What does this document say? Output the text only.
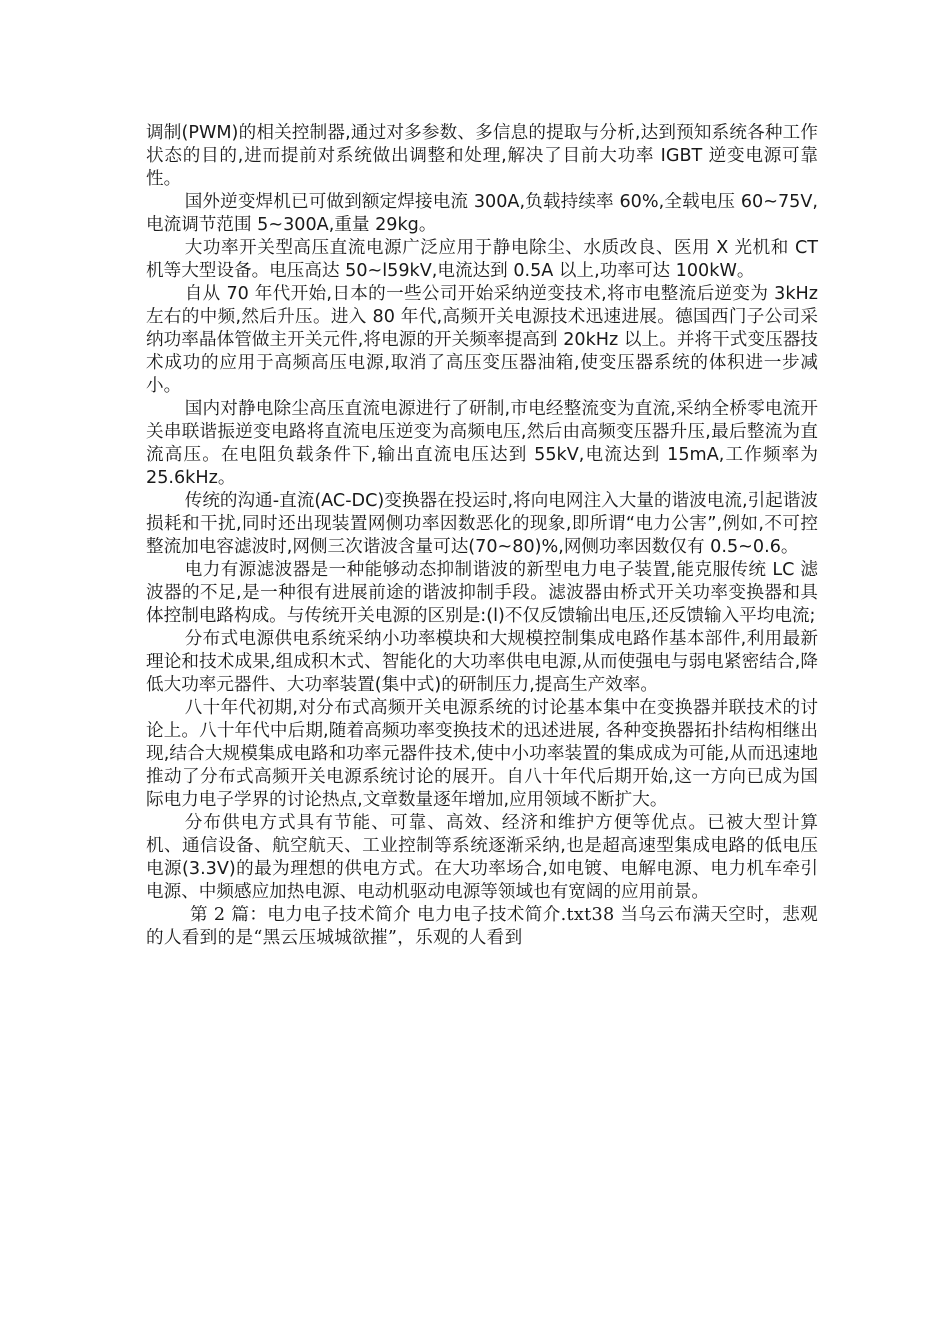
调制(PWM)的相关控制器,通过对多参数、多信息的提取与分析,达到预知系统各种工作状态的目的,进而提前对系统做出调整和处理,解决了目前大功率 IGBT 逆变电源可靠性。

国外逆变焊机已可做到额定焊接电流 300A,负载持续率 60%,全载电压 60~75V,电流调节范围 5~300A,重量 29kg。

大功率开关型高压直流电源广泛应用于静电除尘、水质改良、医用 X 光机和 CT 机等大型设备。电压高达 50~l59kV,电流达到 0.5A 以上,功率可达 100kW。

自从 70 年代开始,日本的一些公司开始采纳逆变技术,将市电整流后逆变为 3kHz 左右的中频,然后升压。进入 80 年代,高频开关电源技术迅速进展。德国西门子公司采纳功率晶体管做主开关元件,将电源的开关频率提高到 20kHz 以上。并将干式变压器技术成功的应用于高频高压电源,取消了高压变压器油箱,使变压器系统的体积进一步减小。

国内对静电除尘高压直流电源进行了研制,市电经整流变为直流,采纳全桥零电流开关串联谐振逆变电路将直流电压逆变为高频电压,然后由高频变压器升压,最后整流为直流高压。在电阻负载条件下,输出直流电压达到 55kV,电流达到 15mA,工作频率为 25.6kHz。

传统的沟通-直流(AC-DC)变换器在投运时,将向电网注入大量的谐波电流,引起谐波损耗和干扰,同时还出现装置网侧功率因数恶化的现象,即所谓“电力公害”,例如,不可控整流加电容滤波时,网侧三次谐波含量可达(70~80)%,网侧功率因数仅有 0.5~0.6。

电力有源滤波器是一种能够动态抑制谐波的新型电力电子装置,能克服传统 LC 滤波器的不足,是一种很有进展前途的谐波抑制手段。滤波器由桥式开关功率变换器和具体控制电路构成。与传统开关电源的区别是:(l)不仅反馈输出电压,还反馈输入平均电流;

分布式电源供电系统采纳小功率模块和大规模控制集成电路作基本部件,利用最新理论和技术成果,组成积木式、智能化的大功率供电电源,从而使强电与弱电紧密结合,降低大功率元器件、大功率装置(集中式)的研制压力,提高生产效率。

八十年代初期,对分布式高频开关电源系统的讨论基本集中在变换器并联技术的讨论上。八十年代中后期,随着高频功率变换技术的迅述进展, 各种变换器拓扑结构相继出现,结合大规模集成电路和功率元器件技术,使中小功率装置的集成成为可能,从而迅速地推动了分布式高频开关电源系统讨论的展开。自八十年代后期开始,这一方向已成为国际电力电子学界的讨论热点,文章数量逐年增加,应用领域不断扩大。

分布供电方式具有节能、可靠、高效、经济和维护方便等优点。已被大型计算机、通信设备、航空航天、工业控制等系统逐渐采纳,也是超高速型集成电路的低电压电源(3.3V)的最为理想的供电方式。在大功率场合,如电镀、电解电源、电力机车牵引电源、中频感应加热电源、电动机驱动电源等领域也有宽阔的应用前景。

第 2 篇：电力电子技术简介 电力电子技术简介.txt38 当乌云布满天空时，悲观的人看到的是“黑云压城城欲摧”，乐观的人看到
